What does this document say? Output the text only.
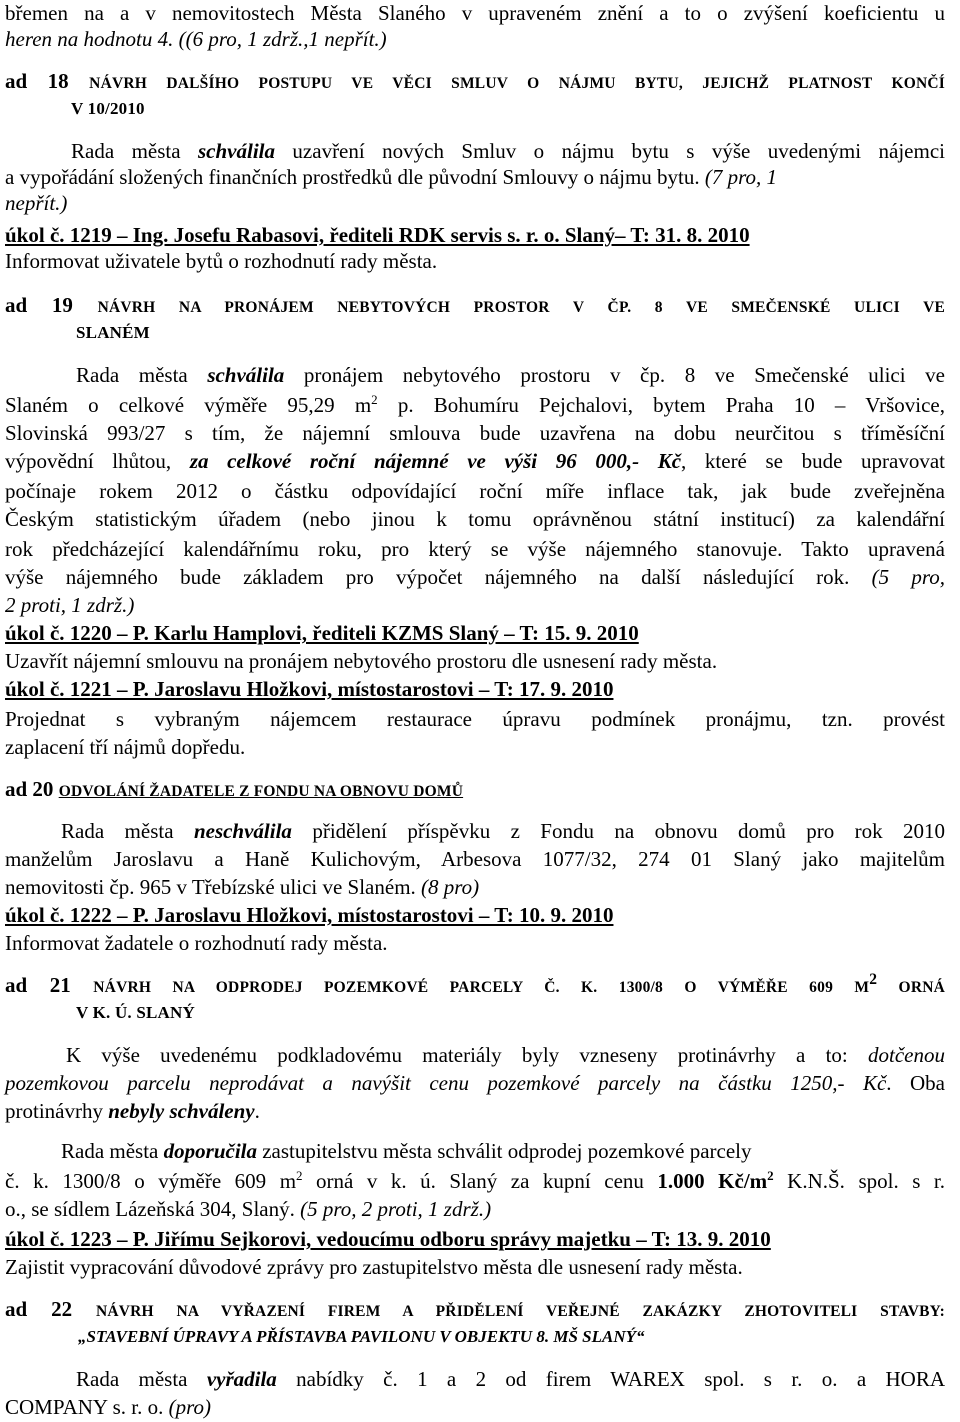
břemen na a v nemovitostech Města Slaného v upraveném znění a to o zvýšení koeficientu u
heren na hodnotu 4. ((6 pro, 1 zdrž.,1 nepřít.)
ad 18 NÁVRH DALŠÍHO POSTUPU VE VĚCI SMLUV O NÁJMU BYTU, JEJICHŽ PLATNOST KONČÍ
V 10/2010
Rada města schválila uzavření nových Smluv o nájmu bytu s výše uvedenými nájemci
a vypořádání složených finančních prostředků dle původní Smlouvy o nájmu bytu. (7 pro, 1
nepřít.)
úkol č. 1219 – Ing. Josefu Rabasovi, řediteli RDK servis s. r. o. Slaný– T: 31. 8. 2010
Informovat uživatele bytů o rozhodnutí rady města.
ad 19 NÁVRH NA PRONÁJEM NEBYTOVÝCH PROSTOR V ČP. 8 VE SMEČENSKÉ ULICI VE
SLANÉM
Rada města schválila pronájem nebytového prostoru v čp. 8 ve Smečenské ulici ve
Slaném o celkové výměře 95,29 $m^2$ p. Bohumíru Pejchalovi, bytem Praha 10 – Vršovice,
Slovinská 993/27 s tím, že nájemní smlouva bude uzavřena na dobu neurčitou s tříměsíční
výpovědní lhůtou, za celkové roční nájemné ve výši 96 000,- Kč, které se bude upravovat
počínaje rokem 2012 o částku odpovídající roční míře inflace tak, jak bude zveřejněna
Českým statistickým úřadem (nebo jinou k tomu oprávněnou státní institucí) za kalendářní
rok předcházející kalendářnímu roku, pro který se výše nájemného stanovuje. Takto upravená
výše nájemného bude základem pro výpočet nájemného na další následující rok. (5 pro,
2 proti, 1 zdrž.)
úkol č. 1220 – P. Karlu Hamplovi, řediteli KZMS Slaný – T: 15. 9. 2010
Uzavřít nájemní smlouvu na pronájem nebytového prostoru dle usnesení rady města.
úkol č. 1221 – P. Jaroslavu Hložkovi, místostarostovi – T: 17. 9. 2010
Projednat s vybraným nájemcem restaurace úpravu podmínek pronájmu, tzn. provést
zaplacení tří nájmů dopředu.
ad 20 ODVOLÁNÍ ŽADATELE Z FONDU NA OBNOVU DOMŮ
Rada města neschválila přidělení příspěvku z Fondu na obnovu domů pro rok 2010
manželům Jaroslavu a Haně Kulichovým, Arbesova 1077/32, 274 01 Slaný jako majitelům
nemovitosti čp. 965 v Třebízské ulici ve Slaném. (8 pro)
úkol č. 1222 – P. Jaroslavu Hložkovi, místostarostovi – T: 10. 9. 2010
Informovat žadatele o rozhodnutí rady města.
ad 21 NÁVRH NA ODPRODEJ POZEMKOVÉ PARCELY Č. K. 1300/8 O VÝMĚŘE 609 $M^2$ ORNÁ
V K. Ú. SLANÝ
K výše uvedenému podkladovému materiály byly vzneseny protinávrhy a to: dotčenou
pozemkovou parcelu neprodávat a navýšit cenu pozemkové parcely na částku 1250,- Kč. Oba
protinávrhy nebyly schváleny.
Rada města doporučila zastupitelstvu města schválit odprodej pozemkové parcely
č. k. 1300/8 o výměře 609 $m^2$ orná v k. ú. Slaný za kupní cenu 1.000 $Kč/m^2$ K.N.Š. spol. s r.
o., se sídlem Lázeňská 304, Slaný. (5 pro, 2 proti, 1 zdrž.)
úkol č. 1223 – P. Jiřímu Sejkorovi, vedoucímu odboru správy majetku – T: 13. 9. 2010
Zajistit vypracování důvodové zprávy pro zastupitelstvo města dle usnesení rady města.
ad 22 NÁVRH NA VYŘAZENÍ FIREM A PŘIDĚLENÍ VEŘEJNÉ ZAKÁZKY ZHOTOVITELI STAVBY:
„STAVEBNÍ ÚPRAVY A PŘÍSTAVBA PAVILONU V OBJEKTU 8. MŠ SLANÝ“
Rada města vyřadila nabídky č. 1 a 2 od firem WAREX spol. s r. o. a HORA
COMPANY s. r. o. (pro)
